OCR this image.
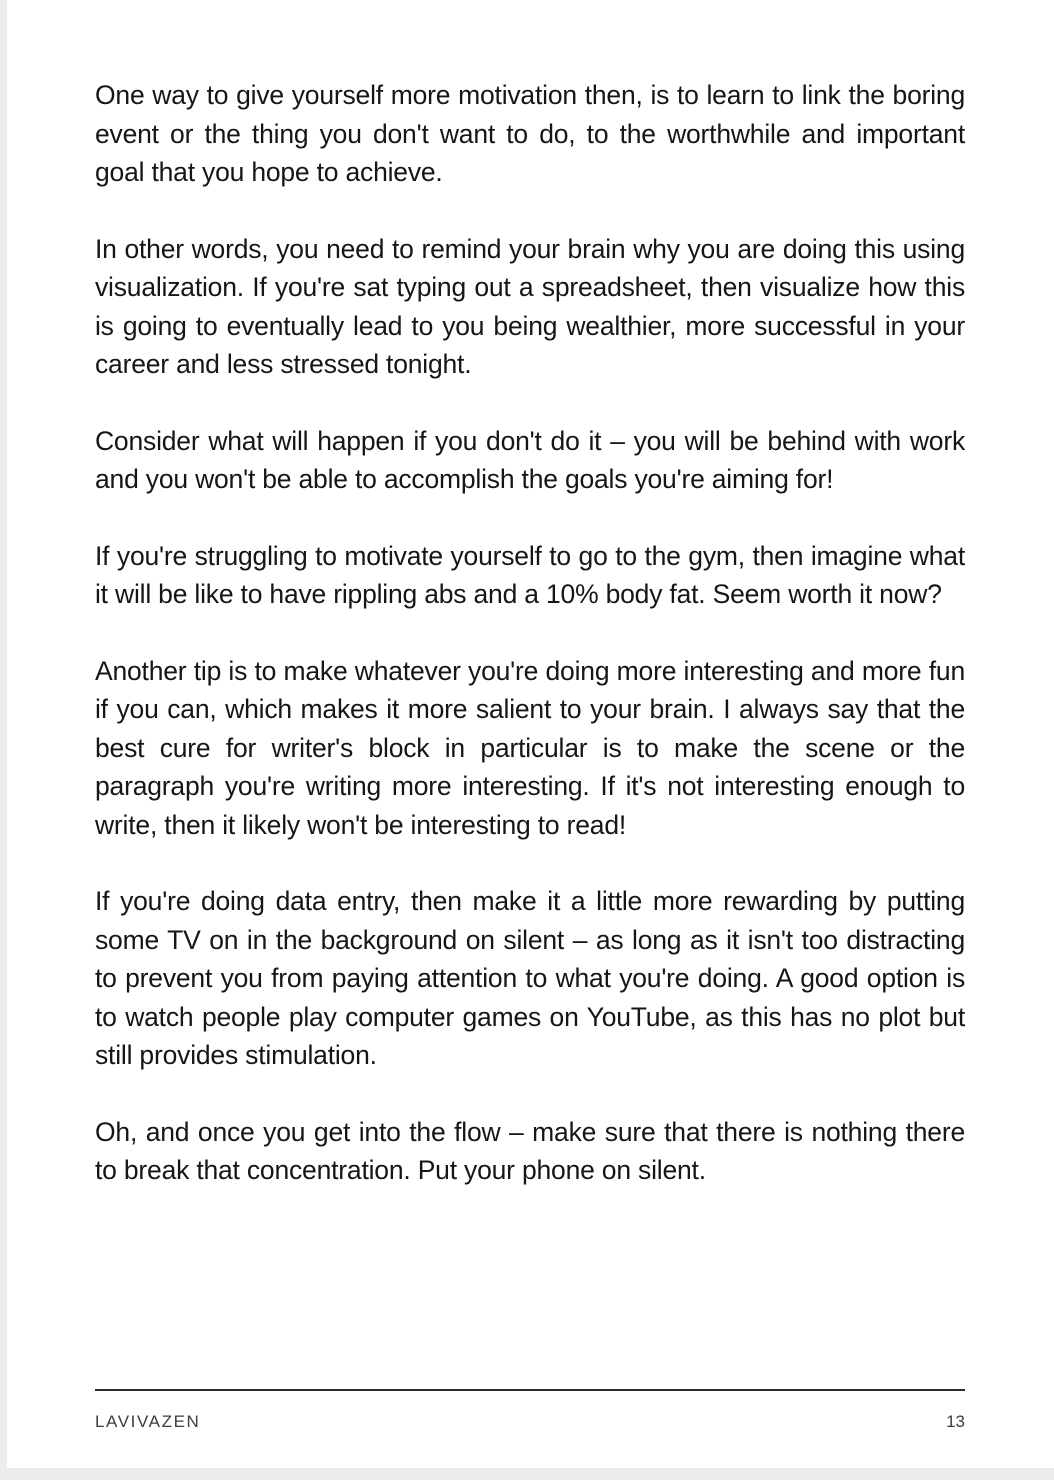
One way to give yourself more motivation then, is to learn to link the boring event or the thing you don't want to do, to the worthwhile and important goal that you hope to achieve.

In other words, you need to remind your brain why you are doing this using visualization. If you're sat typing out a spreadsheet, then visualize how this is going to eventually lead to you being wealthier, more successful in your career and less stressed tonight.

Consider what will happen if you don't do it – you will be behind with work and you won't be able to accomplish the goals you're aiming for!

If you're struggling to motivate yourself to go to the gym, then imagine what it will be like to have rippling abs and a 10% body fat. Seem worth it now?

Another tip is to make whatever you're doing more interesting and more fun if you can, which makes it more salient to your brain. I always say that the best cure for writer's block in particular is to make the scene or the paragraph you're writing more interesting. If it's not interesting enough to write, then it likely won't be interesting to read!

If you're doing data entry, then make it a little more rewarding by putting some TV on in the background on silent – as long as it isn't too distracting to prevent you from paying attention to what you're doing. A good option is to watch people play computer games on YouTube, as this has no plot but still provides stimulation.

Oh, and once you get into the flow – make sure that there is nothing there to break that concentration. Put your phone on silent.

LAVIVAZEN	13
